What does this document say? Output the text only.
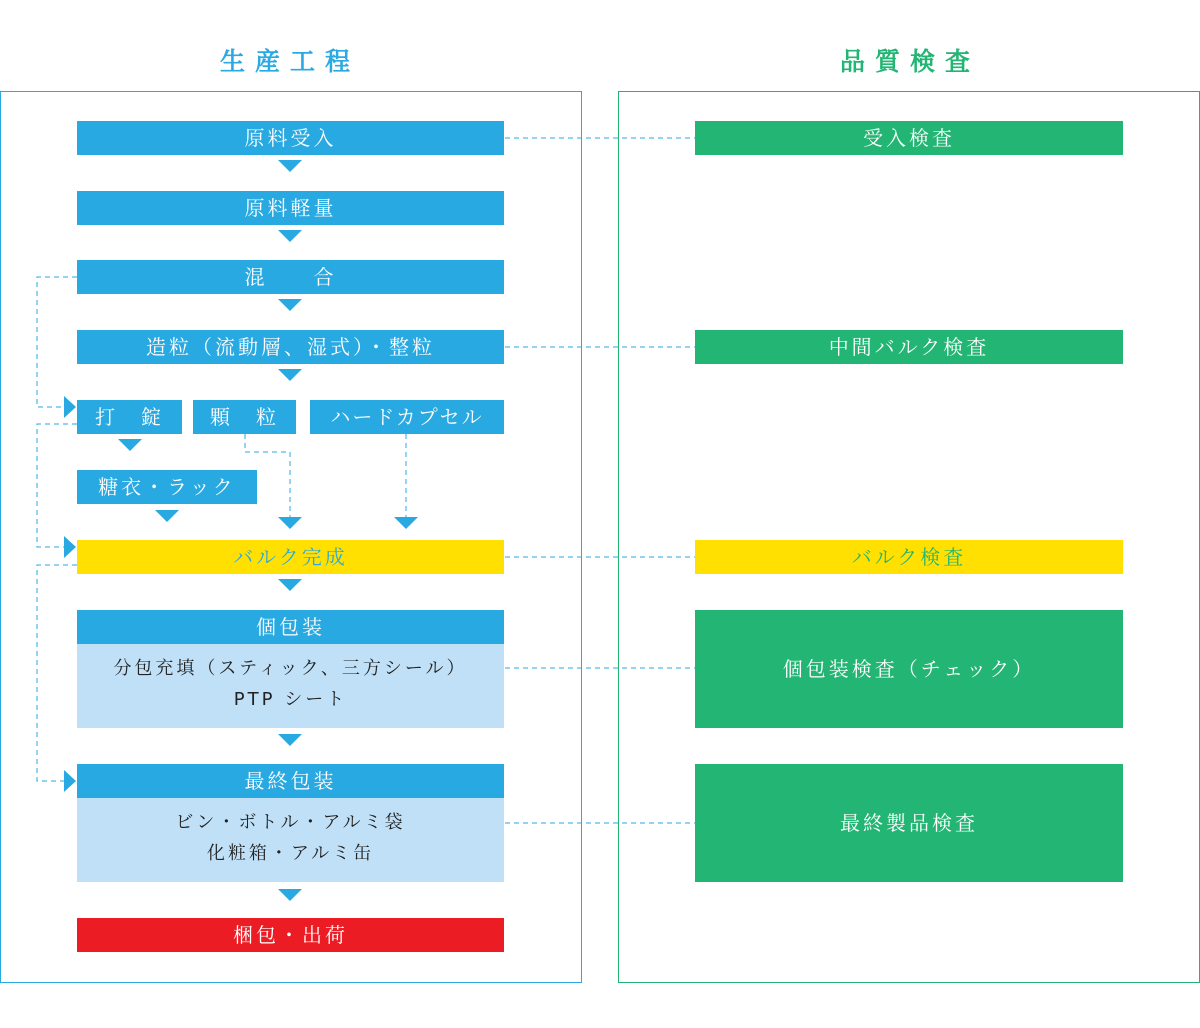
生産工程	品質検査
原料受入
原料軽量
混　　合
造粒（流動層、湿式）・整粒
打　錠	顆　粒	ハードカプセル
糖衣・ラック
バルク完成
個包装
分包充填（スティック、三方シール）
PTP シート
最終包装
ビン・ボトル・アルミ袋
化粧箱・アルミ缶
梱包・出荷
受入検査
中間バルク検査
バルク検査
個包装検査（チェック）
最終製品検査
